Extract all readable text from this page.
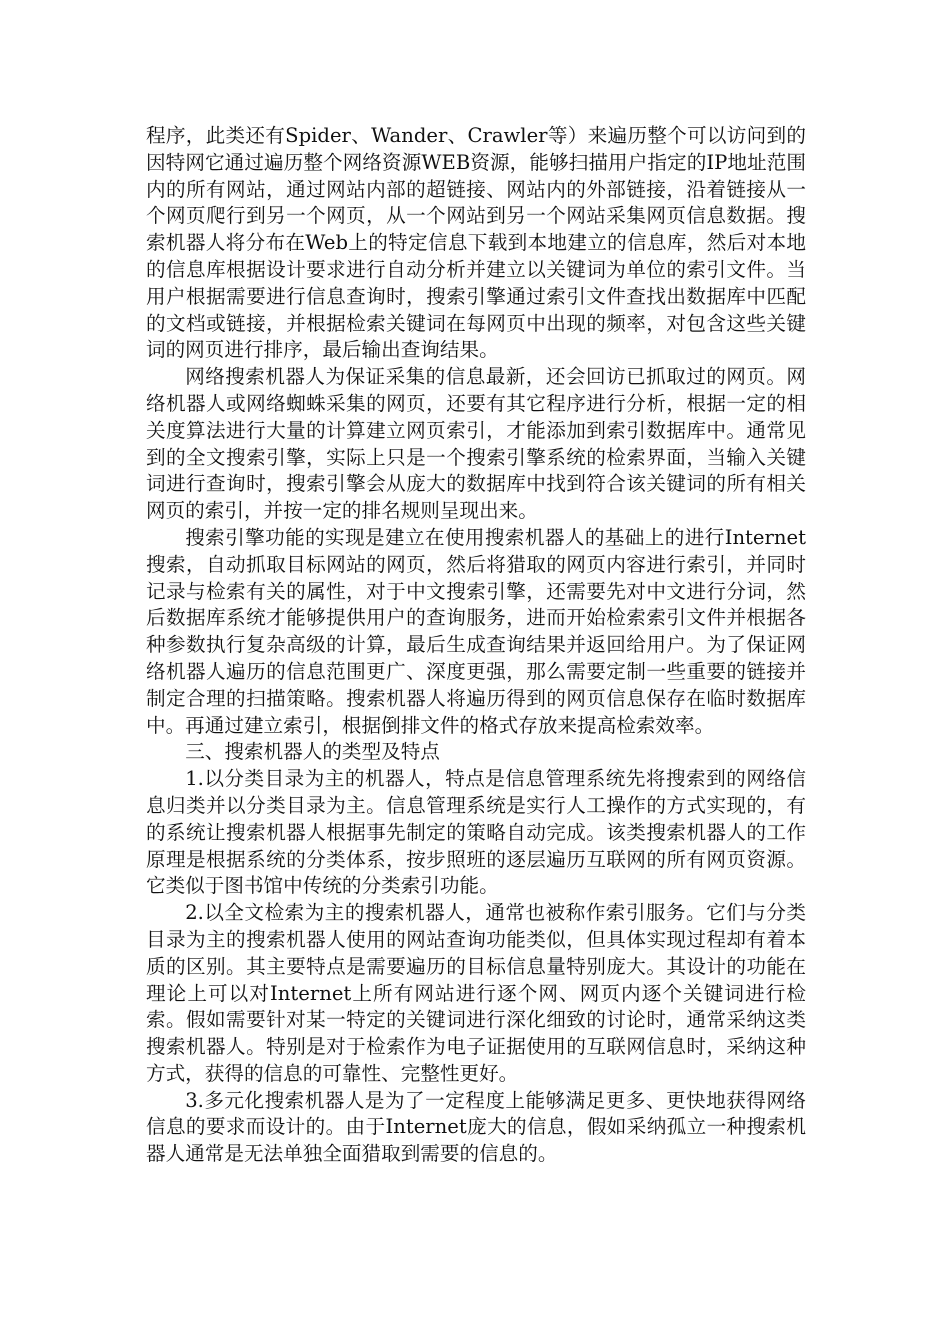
程序，此类还有Spider、Wander、Crawler等）来遍历整个可以访问到的因特网它通过遍历整个网络资源WEB资源，能够扫描用户指定的IP地址范围内的所有网站，通过网站内部的超链接、网站内的外部链接，沿着链接从一个网页爬行到另一个网页，从一个网站到另一个网站采集网页信息数据。搜索机器人将分布在Web上的特定信息下载到本地建立的信息库，然后对本地的信息库根据设计要求进行自动分析并建立以关键词为单位的索引文件。当用户根据需要进行信息查询时，搜索引擎通过索引文件查找出数据库中匹配的文档或链接，并根据检索关键词在每网页中出现的频率，对包含这些关键词的网页进行排序，最后输出查询结果。

网络搜索机器人为保证采集的信息最新，还会回访已抓取过的网页。网络机器人或网络蜘蛛采集的网页，还要有其它程序进行分析，根据一定的相关度算法进行大量的计算建立网页索引，才能添加到索引数据库中。通常见到的全文搜索引擎，实际上只是一个搜索引擎系统的检索界面，当输入关键词进行查询时，搜索引擎会从庞大的数据库中找到符合该关键词的所有相关网页的索引，并按一定的排名规则呈现出来。

搜索引擎功能的实现是建立在使用搜索机器人的基础上的进行Internet搜索，自动抓取目标网站的网页，然后将猎取的网页内容进行索引，并同时记录与检索有关的属性，对于中文搜索引擎，还需要先对中文进行分词，然后数据库系统才能够提供用户的查询服务，进而开始检索索引文件并根据各种参数执行复杂高级的计算，最后生成查询结果并返回给用户。为了保证网络机器人遍历的信息范围更广、深度更强，那么需要定制一些重要的链接并制定合理的扫描策略。搜索机器人将遍历得到的网页信息保存在临时数据库中。再通过建立索引，根据倒排文件的格式存放来提高检索效率。

三、搜索机器人的类型及特点

1.以分类目录为主的机器人，特点是信息管理系统先将搜索到的网络信息归类并以分类目录为主。信息管理系统是实行人工操作的方式实现的，有的系统让搜索机器人根据事先制定的策略自动完成。该类搜索机器人的工作原理是根据系统的分类体系，按步照班的逐层遍历互联网的所有网页资源。它类似于图书馆中传统的分类索引功能。

2.以全文检索为主的搜索机器人，通常也被称作索引服务。它们与分类目录为主的搜索机器人使用的网站查询功能类似，但具体实现过程却有着本质的区别。其主要特点是需要遍历的目标信息量特别庞大。其设计的功能在理论上可以对Internet上所有网站进行逐个网、网页内逐个关键词进行检索。假如需要针对某一特定的关键词进行深化细致的讨论时，通常采纳这类搜索机器人。特别是对于检索作为电子证据使用的互联网信息时，采纳这种方式，获得的信息的可靠性、完整性更好。

3.多元化搜索机器人是为了一定程度上能够满足更多、更快地获得网络信息的要求而设计的。由于Internet庞大的信息，假如采纳孤立一种搜索机器人通常是无法单独全面猎取到需要的信息的。
